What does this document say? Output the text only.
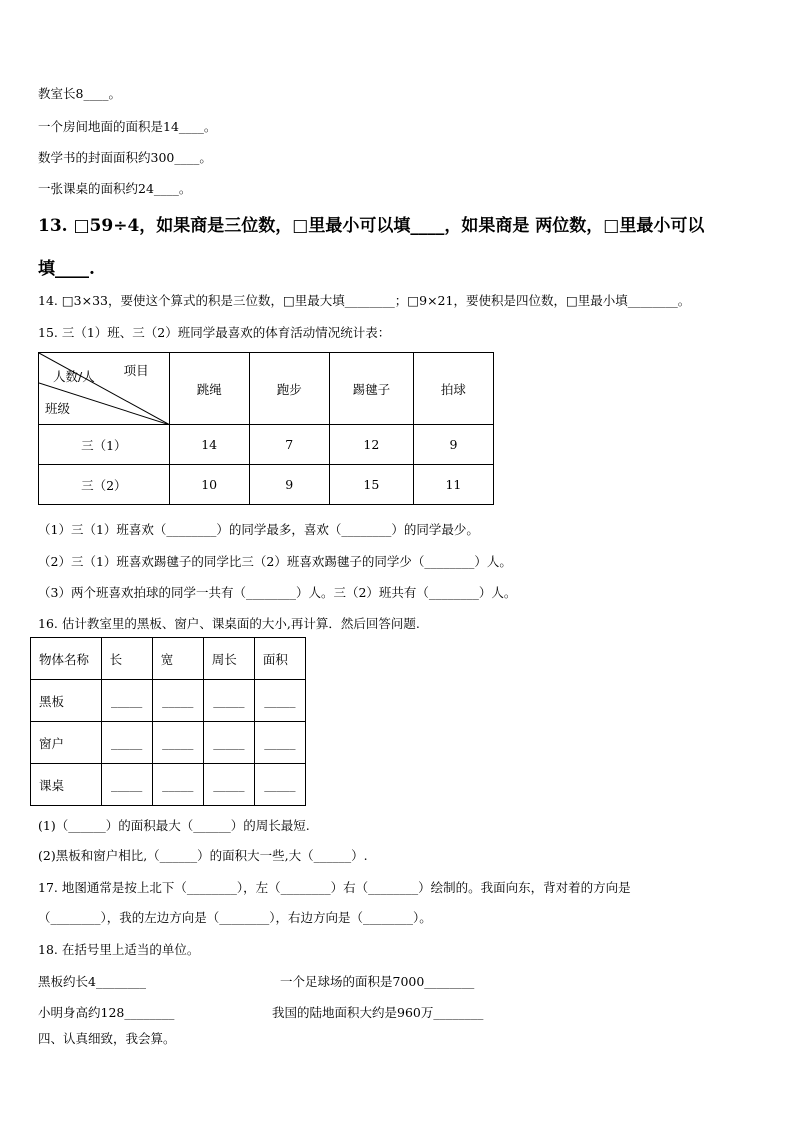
教室长8____。
一个房间地面的面积是14____。
数学书的封面面积约300____。
一张课桌的面积约24____。
13. □59÷4，如果商是三位数，□里最小可以填____，如果商是 两位数，□里最小可以
填____.
14. □3×33，要使这个算式的积是三位数，□里最大填________；□9×21，要使积是四位数，□里最小填________。
15. 三（1）班、三（2）班同学最喜欢的体育活动情况统计表：
项目
人数/人
班级	跳绳	跑步	踢毽子	拍球
三（1）	14	7	12	9
三（2）	10	9	15	11
（1）三（1）班喜欢（________）的同学最多，喜欢（________）的同学最少。
（2）三（1）班喜欢踢毽子的同学比三（2）班喜欢踢毽子的同学少（________）人。
（3）两个班喜欢拍球的同学一共有（________）人。三（2）班共有（________）人。
16. 估计教室里的黑板、窗户、课桌面的大小,再计算．然后回答问题.
物体名称	长	宽	周长	面积
黑板	_____	_____	_____	_____
窗户	_____	_____	_____	_____
课桌	_____	_____	_____	_____
(1)（______）的面积最大（______）的周长最短.
(2)黑板和窗户相比,（______）的面积大一些,大（______）.
17. 地图通常是按上北下（________），左（________）右（________）绘制的。我面向东，背对着的方向是
（________），我的左边方向是（________），右边方向是（________）。
18. 在括号里上适当的单位。
黑板约长4________	一个足球场的面积是7000________
小明身高约128________	我国的陆地面积大约是960万________
四、认真细致，我会算。
